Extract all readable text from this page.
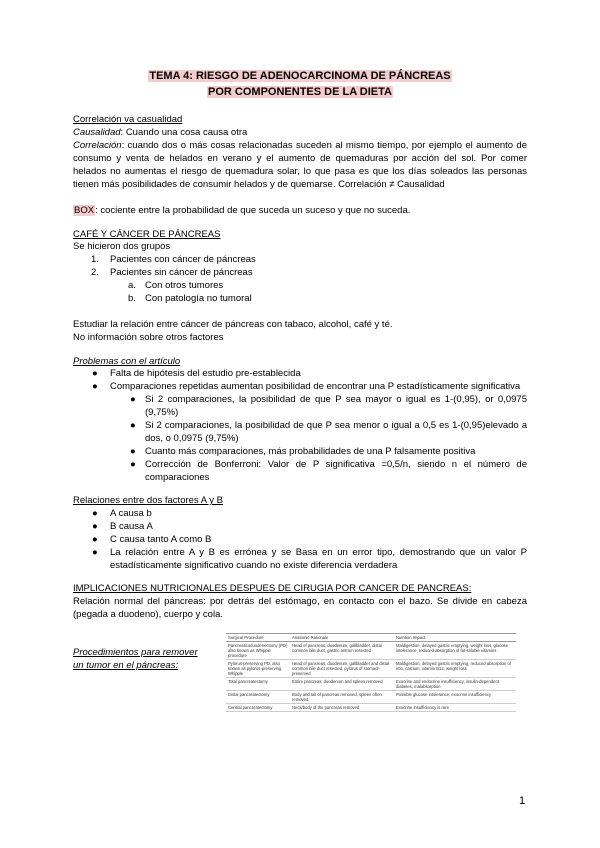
TEMA 4: RIESGO DE ADENOCARCINOMA DE PÁNCREAS
POR COMPONENTES DE LA DIETA
Correlación va casualidad
Causalidad: Cuando una cosa causa otra
Correlación: cuando dos o más cosas relacionadas suceden al mismo tiempo, por ejemplo el aumento de
consumo y venta de helados en verano y el aumento de quemaduras por acción del sol. Por comer
helados no aumentas el riesgo de quemadura solar, lo que pasa es que los días soleados las personas
tienen más posibilidades de consumir helados y de quemarse. Correlación ≠ Causalidad
BOX: cociente entre la probabilidad de que suceda un suceso y que no suceda.
CAFÉ Y CÁNCER DE PÁNCREAS
Se hicieron dos grupos
1. Pacientes con cáncer de páncreas
2. Pacientes sin cáncer de páncreas
a. Con otros tumores
b. Con patología no tumoral
Estudiar la relación entre cáncer de páncreas con tabaco, alcohol, café y té.
No información sobre otros factores
Problemas con el artículo
● Falta de hipótesis del estudio pre-establecida
● Comparaciones repetidas aumentan posibilidad de encontrar una P estadísticamente significativa
● Si 2 comparaciones, la posibilidad de que P sea mayor o igual es 1-(0,95), or 0,0975
(9,75%)
● Si 2 comparaciones, la posibilidad de que P sea menor o igual a 0,5 es 1-(0,95)elevado a
dos, o 0,0975 (9,75%)
● Cuanto más comparaciones, más probabilidades de una P falsamente positiva
● Corrección de Bonferroni: Valor de P significativa =0,5/n, siendo n el número de
comparaciones
Relaciones entre dos factores A y B
● A causa b
● B causa A
● C causa tanto A como B
● La relación entre A y B es errónea y se Basa en un error tipo, demostrando que un valor P
estadísticamente significativo cuando no existe diferencia verdadera
IMPLICACIONES NUTRICIONALES DESPUES DE CIRUGIA POR CANCER DE PANCREAS:
Relación normal del páncreas: por detrás del estómago, en contacto con el bazo. Se divide en cabeza
(pegada a duodeno), cuerpo y cola.
Procedimientos para remover
un tumor en el páncreas:
Surgical Procedure	Anatomic Rationale	Nutrition Impact
Pancreaticoduodenectomy (PD) also known as Whipple procedure	Head of pancreas, duodenum, gallbladder, distal common bile duct, gastric antrum resected	Maldigestion, delayed gastric emptying, weight loss, glucose intolerance, reduced absorption of fat-soluble vitamins
Pylorus-preserving PD, also known as pylorus-preserving Whipple	Head of pancreas, duodenum, gallbladder and distal common bile duct resected, pylorus of stomach preserved	Maldigestion, delayed gastric emptying, reduced absorption of iron, calcium, vitamin B12, weight loss
Total pancreatectomy	Entire pancreas, duodenum and spleen removed	Exocrine and endocrine insufficiency, insulin-dependent diabetes, malabsorption
Distal pancreatectomy	Body and tail of pancreas removed, spleen often removed	Possible glucose intolerance, exocrine insufficiency
Central pancreatectomy	Neck/body of the pancreas removed	Exocrine insufficiency is rare
1
